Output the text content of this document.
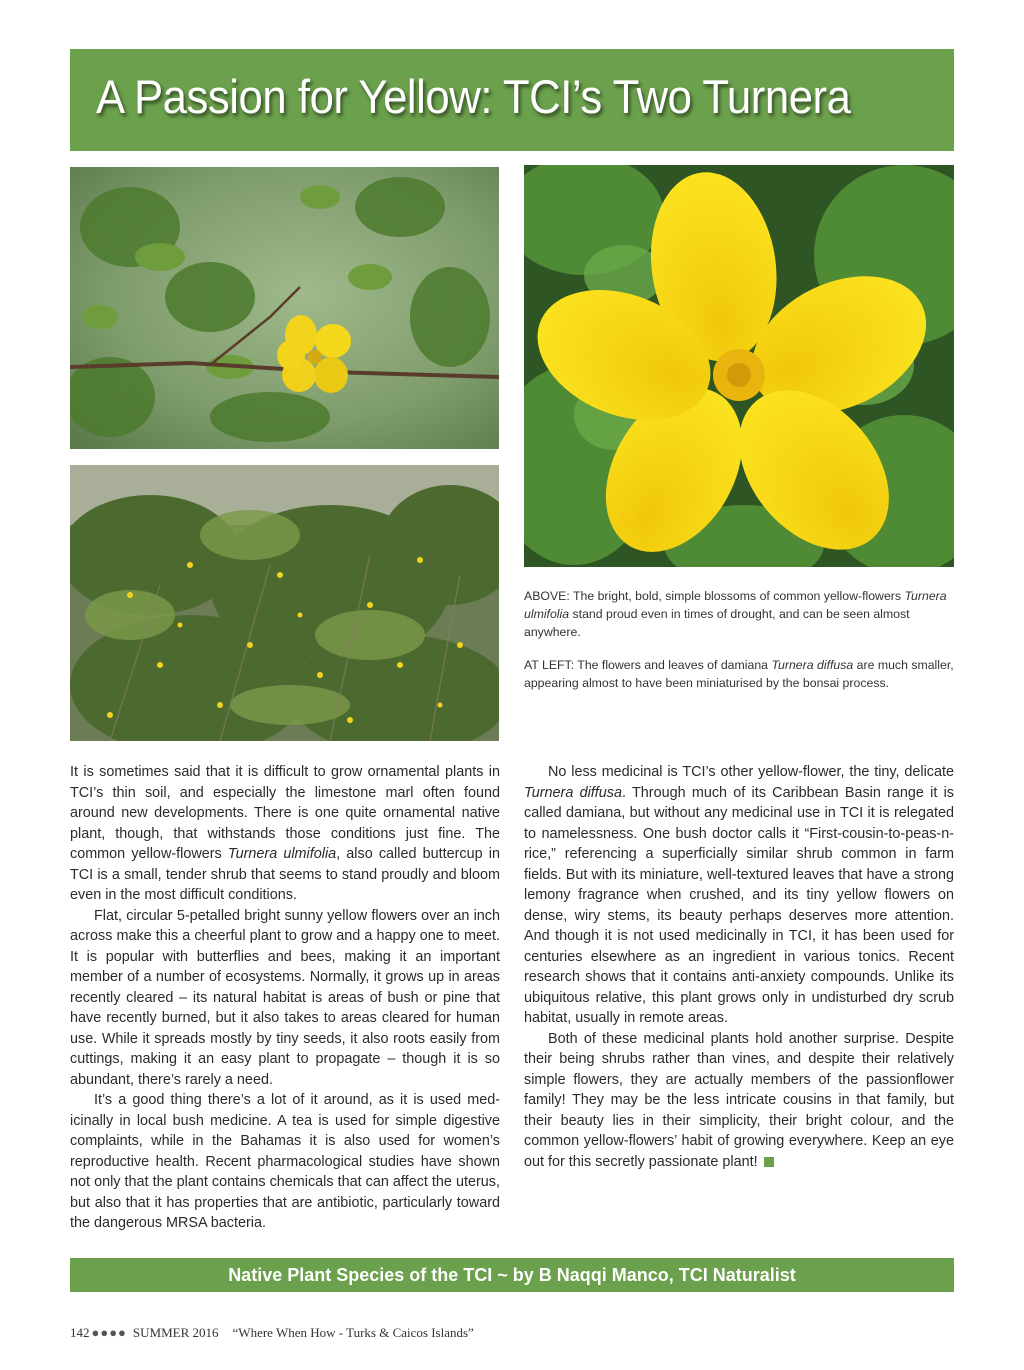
A Passion for Yellow: TCI’s Two Turnera

ABOVE: The bright, bold, simple blossoms of common yellow-flowers Turnera ulmifolia stand proud even in times of drought, and can be seen almost anywhere.

AT LEFT: The flowers and leaves of damiana Turnera diffusa are much smaller, appearing almost to have been miniaturised by the bonsai process.

It is sometimes said that it is difficult to grow ornamental plants in TCI’s thin soil, and especially the limestone marl often found around new developments. There is one quite ornamental native plant, though, that withstands those conditions just fine. The common yellow-flowers Turnera ulmifolia, also called buttercup in TCI is a small, tender shrub that seems to stand proudly and bloom even in the most difficult conditions.

Flat, circular 5-petalled bright sunny yellow flowers over an inch across make this a cheerful plant to grow and a happy one to meet. It is popular with butterflies and bees, making it an important member of a number of ecosystems. Normally, it grows up in areas recently cleared – its natural habitat is areas of bush or pine that have recently burned, but it also takes to areas cleared for human use. While it spreads mostly by tiny seeds, it also roots easily from cuttings, making it an easy plant to propagate – though it is so abundant, there’s rarely a need.

It’s a good thing there’s a lot of it around, as it is used medicinally in local bush medicine. A tea is used for simple digestive complaints, while in the Bahamas it is also used for women’s reproductive health. Recent pharmacological studies have shown not only that the plant contains chemicals that can affect the uterus, but also that it has properties that are antibiotic, particularly toward the dangerous MRSA bacteria.

No less medicinal is TCI’s other yellow-flower, the tiny, delicate Turnera diffusa. Through much of its Caribbean Basin range it is called damiana, but without any medicinal use in TCI it is relegated to namelessness. One bush doctor calls it “First-cousin-to-peas-n-rice,” referencing a superficially similar shrub common in farm fields. But with its miniature, well-textured leaves that have a strong lemony fragrance when crushed, and its tiny yellow flowers on dense, wiry stems, its beauty perhaps deserves more attention. And though it is not used medicinally in TCI, it has been used for centuries elsewhere as an ingredient in various tonics. Recent research shows that it contains anti-anxiety compounds. Unlike its ubiquitous relative, this plant grows only in undisturbed dry scrub habitat, usually in remote areas.

Both of these medicinal plants hold another surprise. Despite their being shrubs rather than vines, and despite their relatively simple flowers, they are actually members of the passionflower family! They may be the less intricate cousins in that family, but their beauty lies in their simplicity, their bright colour, and the common yellow-flowers’ habit of growing everywhere. Keep an eye out for this secretly passionate plant!

Native Plant Species of the TCI ~ by B Naqqi Manco, TCI Naturalist
142 ●●●● SUMMER 2016 “Where When How - Turks & Caicos Islands”
